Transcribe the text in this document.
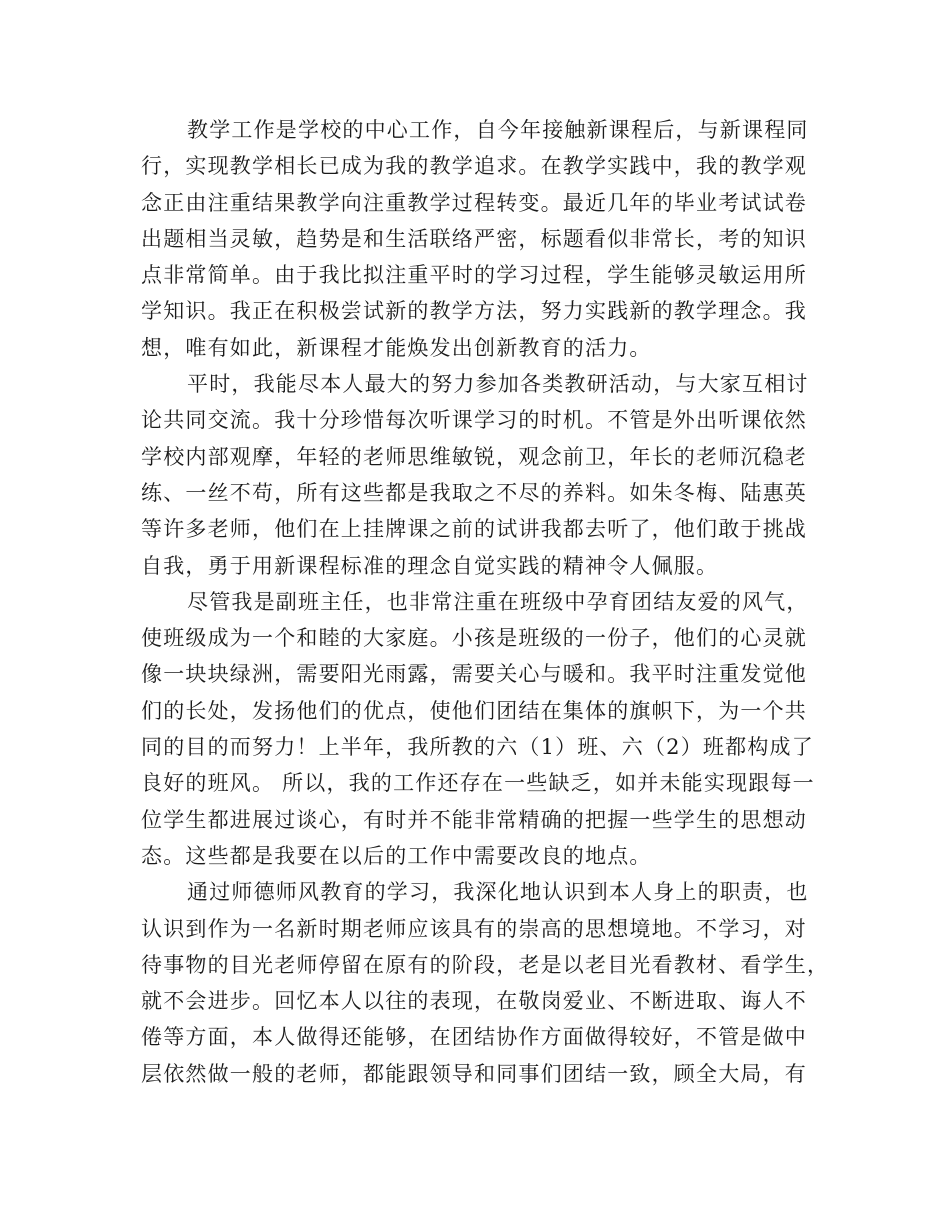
教学工作是学校的中心工作，自今年接触新课程后，与新课程同
行，实现教学相长已成为我的教学追求。在教学实践中，我的教学观
念正由注重结果教学向注重教学过程转变。最近几年的毕业考试试卷
出题相当灵敏，趋势是和生活联络严密，标题看似非常长，考的知识
点非常简单。由于我比拟注重平时的学习过程，学生能够灵敏运用所
学知识。我正在积极尝试新的教学方法，努力实践新的教学理念。我
想，唯有如此，新课程才能焕发出创新教育的活力。

平时，我能尽本人最大的努力参加各类教研活动，与大家互相讨
论共同交流。我十分珍惜每次听课学习的时机。不管是外出听课依然
学校内部观摩，年轻的老师思维敏锐，观念前卫，年长的老师沉稳老
练、一丝不苟，所有这些都是我取之不尽的养料。如朱冬梅、陆惠英
等许多老师，他们在上挂牌课之前的试讲我都去听了，他们敢于挑战
自我，勇于用新课程标准的理念自觉实践的精神令人佩服。

尽管我是副班主任，也非常注重在班级中孕育团结友爱的风气，
使班级成为一个和睦的大家庭。小孩是班级的一份子，他们的心灵就
像一块块绿洲，需要阳光雨露，需要关心与暖和。我平时注重发觉他
们的长处，发扬他们的优点，使他们团结在集体的旗帜下，为一个共
同的目的而努力！上半年，我所教的六（1）班、六（2）班都构成了
良好的班风。 所以，我的工作还存在一些缺乏，如并未能实现跟每一
位学生都进展过谈心，有时并不能非常精确的把握一些学生的思想动
态。这些都是我要在以后的工作中需要改良的地点。

通过师德师风教育的学习，我深化地认识到本人身上的职责，也
认识到作为一名新时期老师应该具有的崇高的思想境地。不学习，对
待事物的目光老师停留在原有的阶段，老是以老目光看教材、看学生，
就不会进步。回忆本人以往的表现，在敬岗爱业、不断进取、诲人不
倦等方面，本人做得还能够，在团结协作方面做得较好，不管是做中
层依然做一般的老师，都能跟领导和同事们团结一致，顾全大局，有
